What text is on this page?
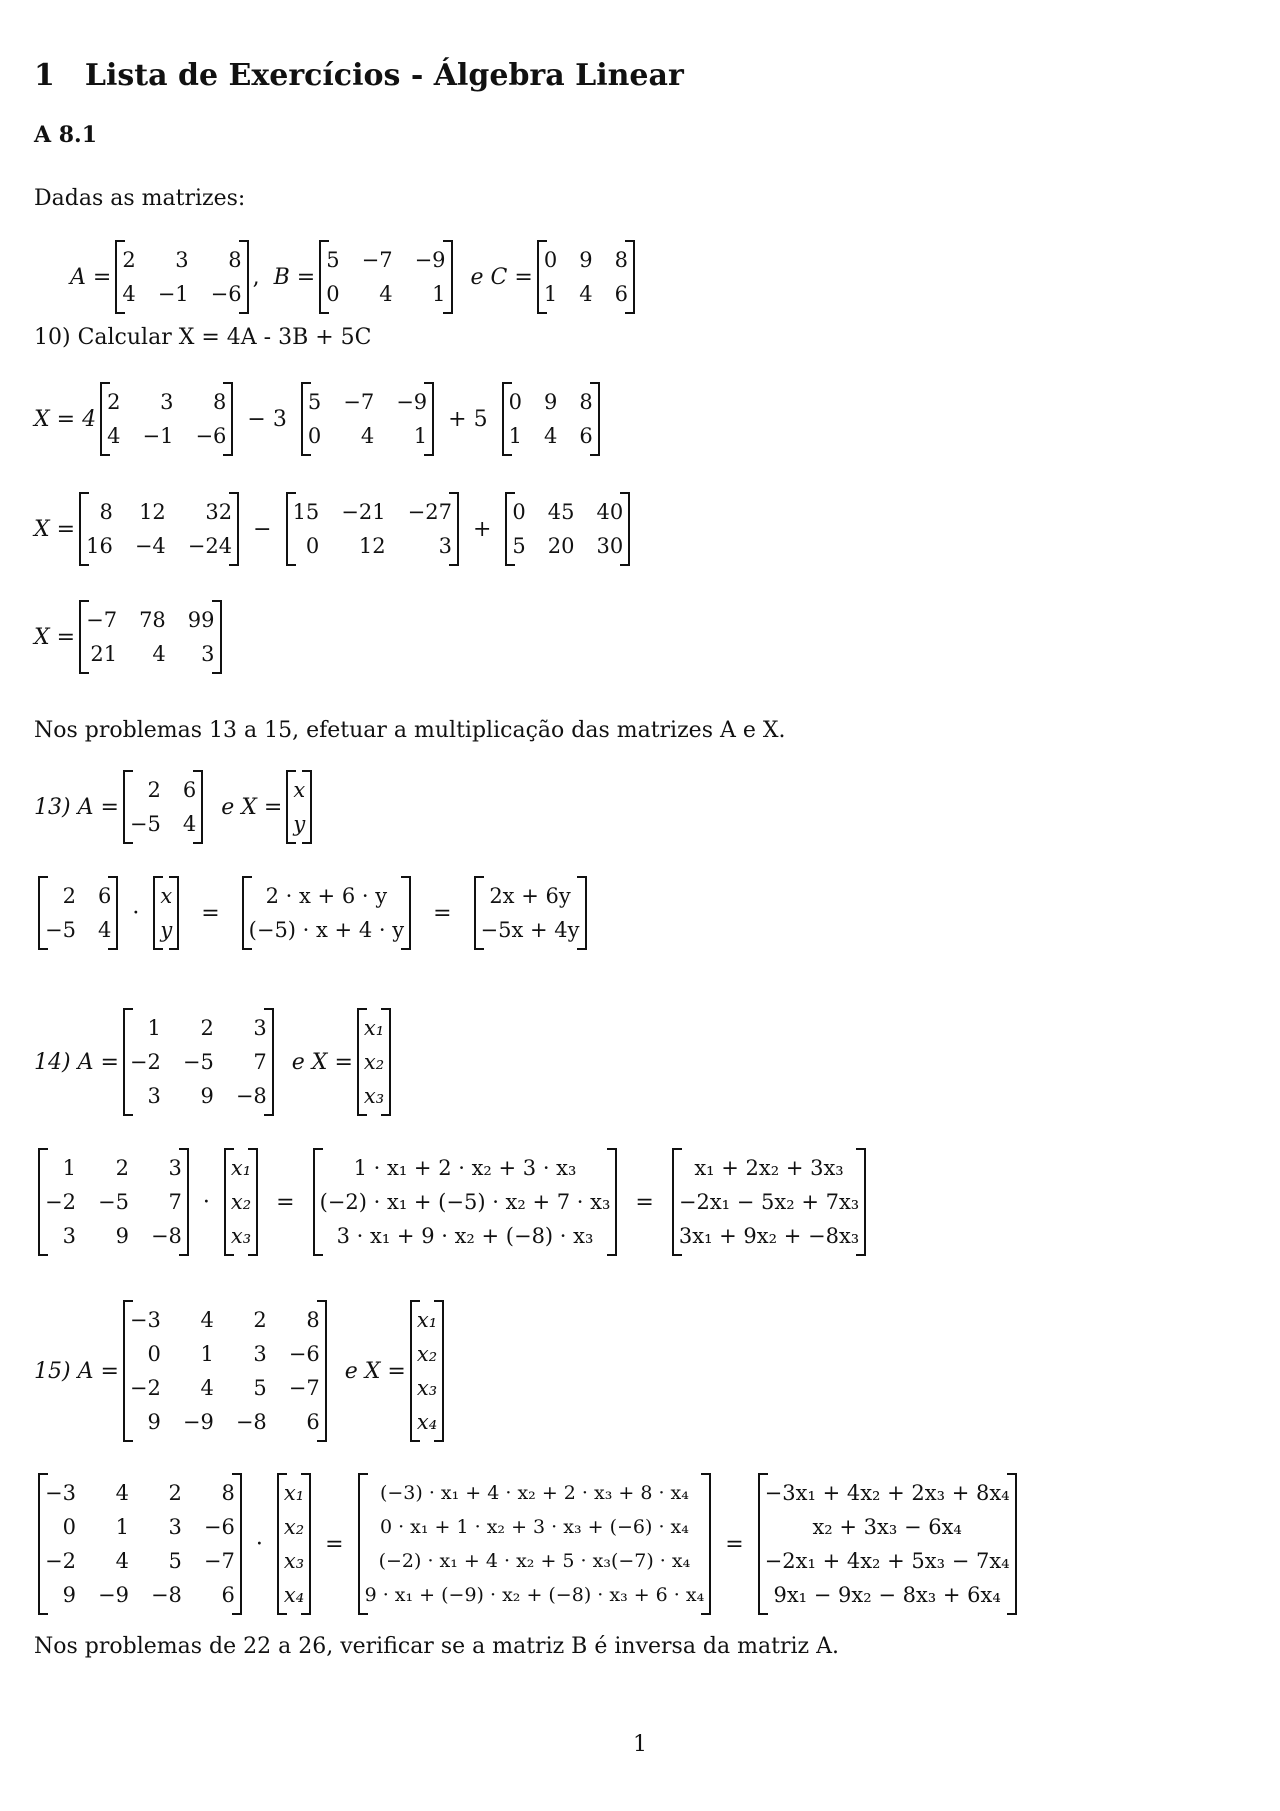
1 Lista de Exercícios - Álgebra Linear
A 8.1
Dadas as matrizes:
A =
2	3	8
4 −1 −6
, B =
5 −7 −9
0	4	1
e C =
0 9 8
1 4 6
10) Calcular X = 4A - 3B + 5C
X = 4
2	3	8
4 −1 −6
− 3
5 −7 −9
0	4	1
+ 5
0 9 8
1 4 6
X =
8 12	32
16 −4 −24
−
15 −21 −27
0	12	3
+
0 45 40
5 20 30
X =
−7 78 99
21	4	3
Nos problemas 13 a 15, efetuar a multiplicação das matrizes A e X.
13) A =
2 6
−5 4
e X =
x
y
2 6
−5 4
·
x
y
=
2 · x + 6 · y
(−5) · x + 4 · y
=
2x + 6y
−5x + 4y
14) A =
1	2	3
−2 −5	7
3	9 −8
e X =
x₁
x₂
x₃
1	2	3
−2 −5	7
3	9 −8
·
x₁
x₂
x₃
=
1 · x₁ + 2 · x₂ + 3 · x₃
(−2) · x₁ + (−5) · x₂ + 7 · x₃
3 · x₁ + 9 · x₂ + (−8) · x₃
=
x₁ + 2x₂ + 3x₃
−2x₁ − 5x₂ + 7x₃
3x₁ + 9x₂ + −8x₃
15) A =
−3	4	2	8
0	1	3 −6
−2	4	5 −7
9 −9 −8	6
e X =
x₁
x₂
x₃
x₄
−3	4	2	8
0	1	3 −6
−2	4	5 −7
9 −9 −8	6
·
x₁
x₂
x₃
x₄
=
(−3) · x₁ + 4 · x₂ + 2 · x₃ + 8 · x₄
0 · x₁ + 1 · x₂ + 3 · x₃ + (−6) · x₄
(−2) · x₁ + 4 · x₂ + 5 · x₃(−7) · x₄
9 · x₁ + (−9) · x₂ + (−8) · x₃ + 6 · x₄
=
−3x₁ + 4x₂ + 2x₃ + 8x₄
x₂ + 3x₃ − 6x₄
−2x₁ + 4x₂ + 5x₃ − 7x₄
9x₁ − 9x₂ − 8x₃ + 6x₄
Nos problemas de 22 a 26, verificar se a matriz B é inversa da matriz A.
1
